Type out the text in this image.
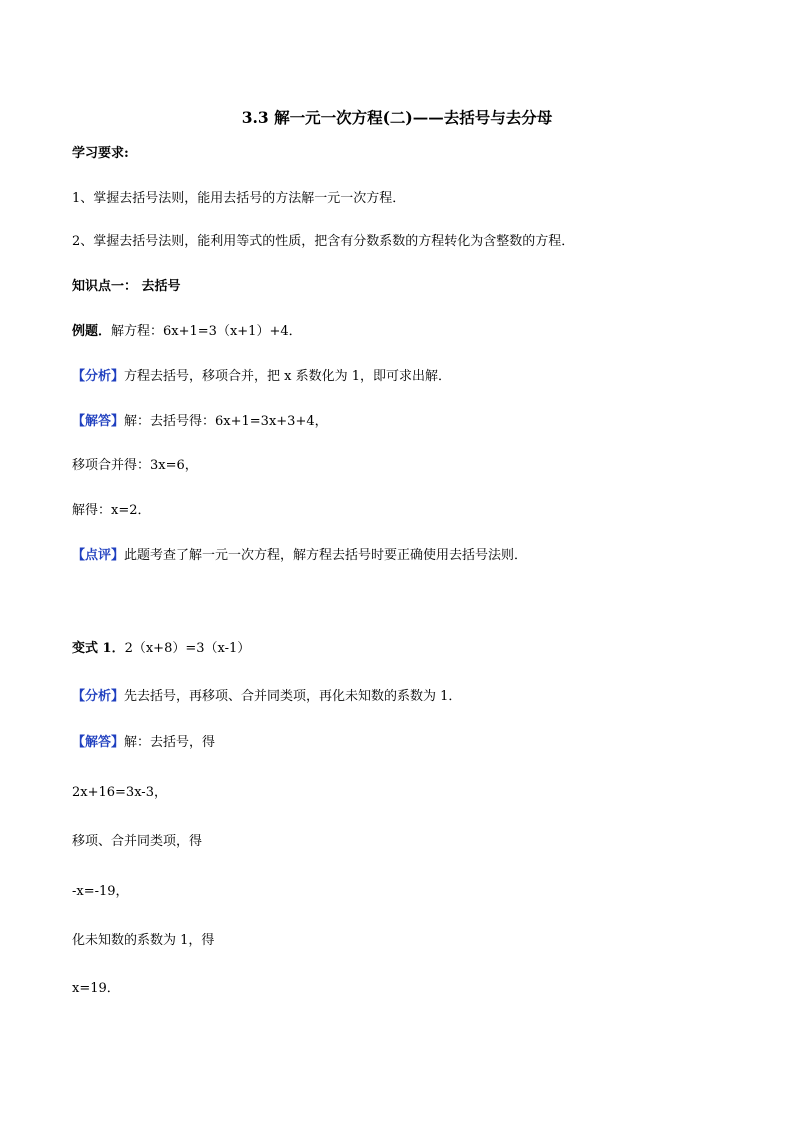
3.3 解一元一次方程(二)——去括号与去分母
学习要求:
1、掌握去括号法则，能用去括号的方法解一元一次方程．
2、掌握去括号法则，能利用等式的性质，把含有分数系数的方程转化为含整数的方程．
知识点一： 去括号
例题．解方程：6x+1=3（x+1）+4．
【分析】方程去括号，移项合并，把 x 系数化为 1，即可求出解．
【解答】解：去括号得：6x+1=3x+3+4，
移项合并得：3x=6，
解得：x=2．
【点评】此题考查了解一元一次方程，解方程去括号时要正确使用去括号法则．
变式 1．2（x+8）=3（x-1）
【分析】先去括号，再移项、合并同类项，再化未知数的系数为 1．
【解答】解：去括号，得
2x+16=3x-3，
移项、合并同类项，得
-x=-19，
化未知数的系数为 1，得
x=19．
